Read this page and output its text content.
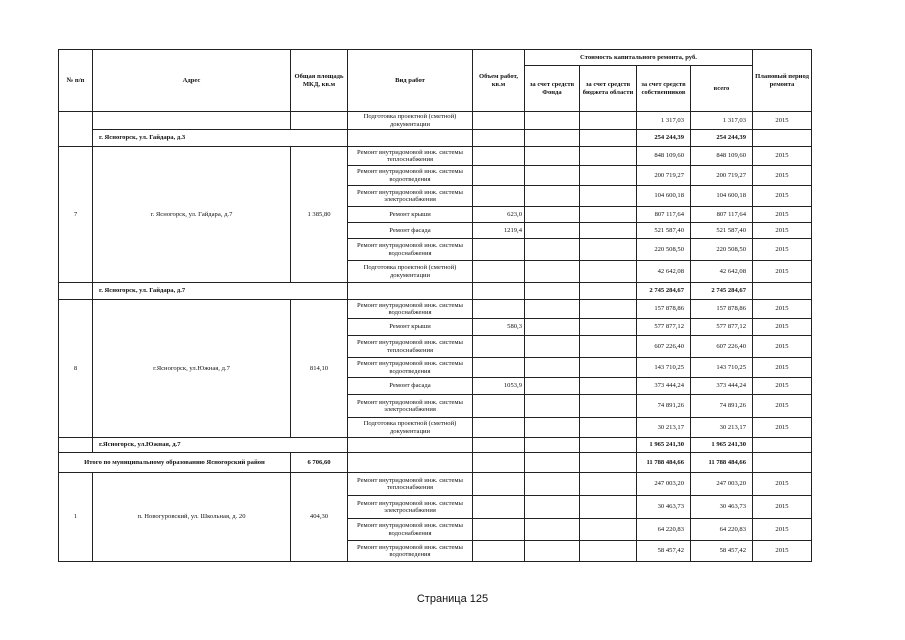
№ п/п	Адрес	Общая площадь МКД, кв.м	Вид работ	Объем работ, кв.м	Стоимость капитального ремонта, руб.				Плановый период ремонта
					за счет средств Фонда	за счет средств бюджета области	за счет средств собственников	всего	
			Подготовка проектной (сметной) документации				1 317,03	1 317,03	2015
	г. Ясногорск, ул. Гайдара, д.3						254 244,39	254 244,39	
7	г. Ясногорск, ул. Гайдара, д.7	1 385,80	Ремонт внутридомовой инж. системы теплоснабжения				848 109,60	848 109,60	2015
			Ремонт внутридомовой инж. системы водоотведения				200 719,27	200 719,27	2015
			Ремонт внутридомовой инж. системы электроснабжения				104 600,18	104 600,18	2015
			Ремонт крыши	623,0			807 117,64	807 117,64	2015
			Ремонт фасада	1219,4			521 587,40	521 587,40	2015
			Ремонт внутридомовой инж. системы водоснабжения				220 508,50	220 508,50	2015
			Подготовка проектной (сметной) документации				42 642,08	42 642,08	2015
	г. Ясногорск, ул. Гайдара, д.7						2 745 284,67	2 745 284,67	
8	г.Ясногорск, ул.Южная, д.7	814,10	Ремонт внутридомовой инж. системы водоснабжения				157 878,86	157 878,86	2015
			Ремонт крыши	580,3			577 877,12	577 877,12	2015
			Ремонт внутридомовой инж. системы теплоснабжения				607 226,40	607 226,40	2015
			Ремонт внутридомовой инж. системы водоотведения				143 710,25	143 710,25	2015
			Ремонт фасада	1053,9			373 444,24	373 444,24	2015
			Ремонт внутридомовой инж. системы электроснабжения				74 891,26	74 891,26	2015
			Подготовка проектной (сметной) документации				30 213,17	30 213,17	2015
	г.Ясногорск, ул.Южная, д.7						1 965 241,30	1 965 241,30	
Итого по муниципальному образованию Ясногорский район		6 706,60					11 788 484,66	11 788 484,66	
1	п. Новогуровский, ул. Школьная, д. 20	404,30	Ремонт внутридомовой инж. системы теплоснабжения				247 003,20	247 003,20	2015
			Ремонт внутридомовой инж. системы электроснабжения				30 463,73	30 463,73	2015
			Ремонт внутридомовой инж. системы водоснабжения				64 220,83	64 220,83	2015
			Ремонт внутридомовой инж. системы водоотведения				58 457,42	58 457,42	2015
Страница 125
